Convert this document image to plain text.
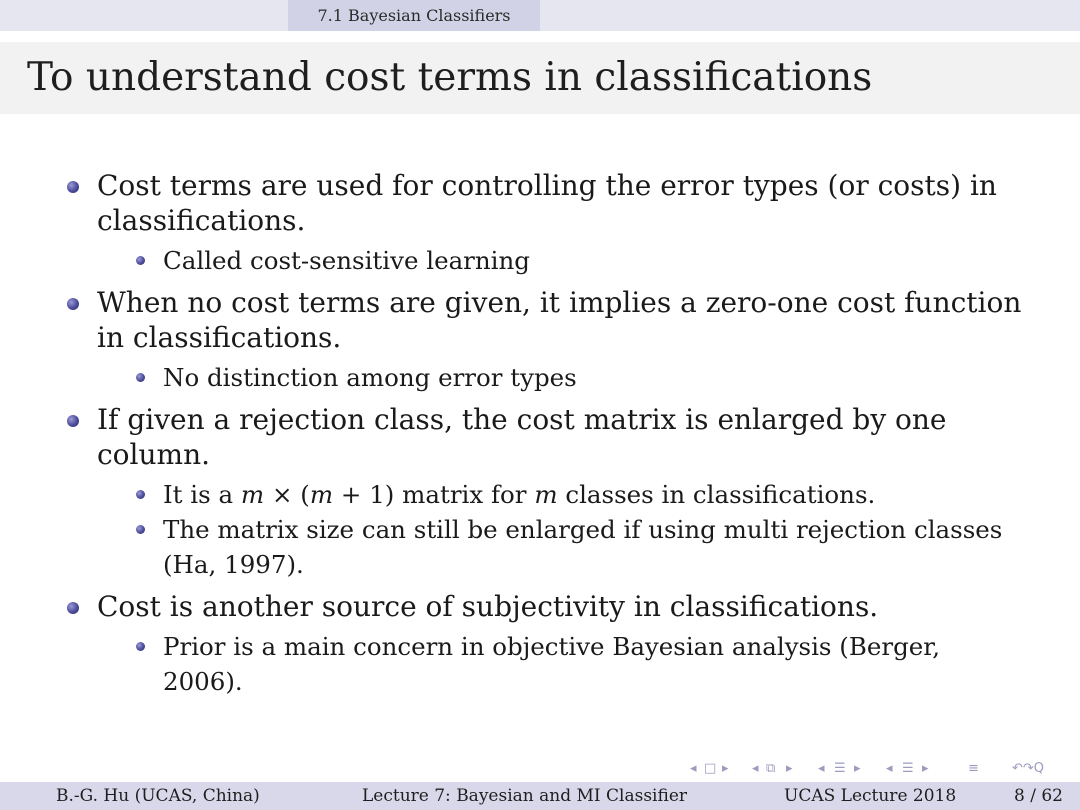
7.1 Bayesian Classifiers
To understand cost terms in classifications
Cost terms are used for controlling the error types (or costs) in
classifications.
Called cost-sensitive learning
When no cost terms are given, it implies a zero-one cost function
in classifications.
No distinction among error types
If given a rejection class, the cost matrix is enlarged by one
column.
It is a m × (m + 1) matrix for m classes in classifications.
The matrix size can still be enlarged if using multi rejection classes
(Ha, 1997).
Cost is another source of subjectivity in classifications.
Prior is a main concern in objective Bayesian analysis (Berger,
2006).
◂ □ ▸ ◂ ⧉ ▸ ◂ ☰ ▸ ◂ ☰ ▸	≡	↶↷Q
B.-G. Hu (UCAS, China)	Lecture 7: Bayesian and MI Classifier	UCAS Lecture 2018	8 / 62
